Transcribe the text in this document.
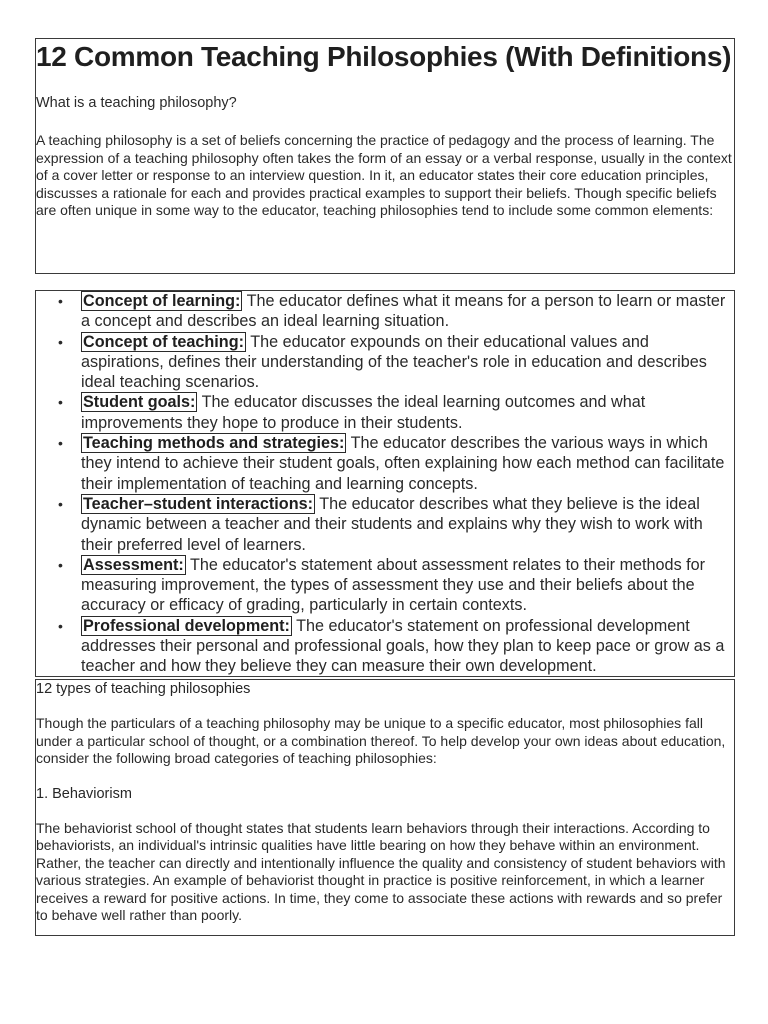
12 Common Teaching Philosophies (With Definitions)

What is a teaching philosophy?

A teaching philosophy is a set of beliefs concerning the practice of pedagogy and the process of learning. The expression of a teaching philosophy often takes the form of an essay or a verbal response, usually in the context of a cover letter or response to an interview question. In it, an educator states their core education principles, discusses a rationale for each and provides practical examples to support their beliefs. Though specific beliefs are often unique in some way to the educator, teaching philosophies tend to include some common elements:

• Concept of learning: The educator defines what it means for a person to learn or master a concept and describes an ideal learning situation.
• Concept of teaching: The educator expounds on their educational values and aspirations, defines their understanding of the teacher's role in education and describes ideal teaching scenarios.
• Student goals: The educator discusses the ideal learning outcomes and what improvements they hope to produce in their students.
• Teaching methods and strategies: The educator describes the various ways in which they intend to achieve their student goals, often explaining how each method can facilitate their implementation of teaching and learning concepts.
• Teacher–student interactions: The educator describes what they believe is the ideal dynamic between a teacher and their students and explains why they wish to work with their preferred level of learners.
• Assessment: The educator's statement about assessment relates to their methods for measuring improvement, the types of assessment they use and their beliefs about the accuracy or efficacy of grading, particularly in certain contexts.
• Professional development: The educator's statement on professional development addresses their personal and professional goals, how they plan to keep pace or grow as a teacher and how they believe they can measure their own development.

12 types of teaching philosophies

Though the particulars of a teaching philosophy may be unique to a specific educator, most philosophies fall under a particular school of thought, or a combination thereof. To help develop your own ideas about education, consider the following broad categories of teaching philosophies:

1. Behaviorism

The behaviorist school of thought states that students learn behaviors through their interactions. According to behaviorists, an individual's intrinsic qualities have little bearing on how they behave within an environment. Rather, the teacher can directly and intentionally influence the quality and consistency of student behaviors with various strategies. An example of behaviorist thought in practice is positive reinforcement, in which a learner receives a reward for positive actions. In time, they come to associate these actions with rewards and so prefer to behave well rather than poorly.
